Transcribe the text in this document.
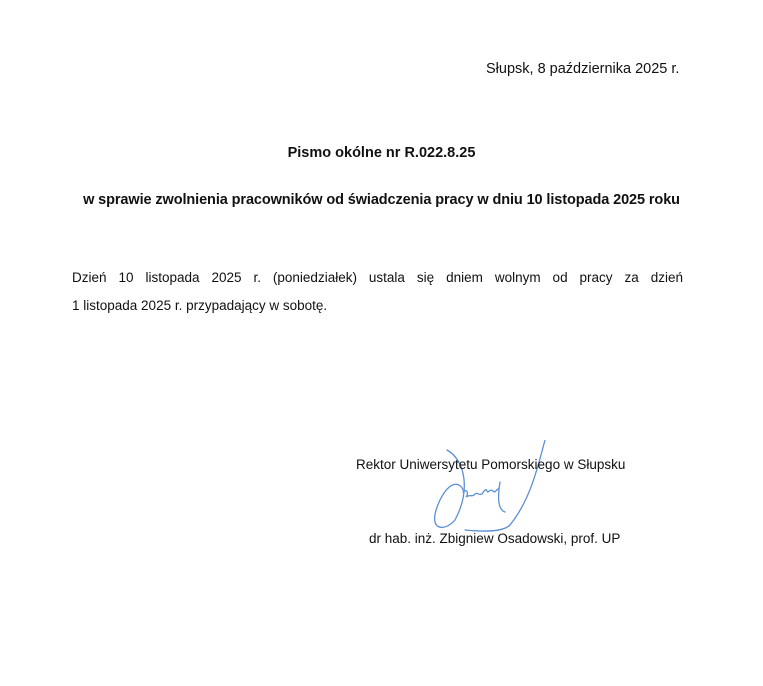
Słupsk, 8 października 2025 r.
Pismo okólne nr R.022.8.25
w sprawie zwolnienia pracowników od świadczenia pracy w dniu 10 listopada 2025 roku
Dzień 10 listopada 2025 r. (poniedziałek) ustala się dniem wolnym od pracy za dzień
1 listopada 2025 r. przypadający w sobotę.
Rektor Uniwersytetu Pomorskiego w Słupsku
dr hab. inż. Zbigniew Osadowski, prof. UP
